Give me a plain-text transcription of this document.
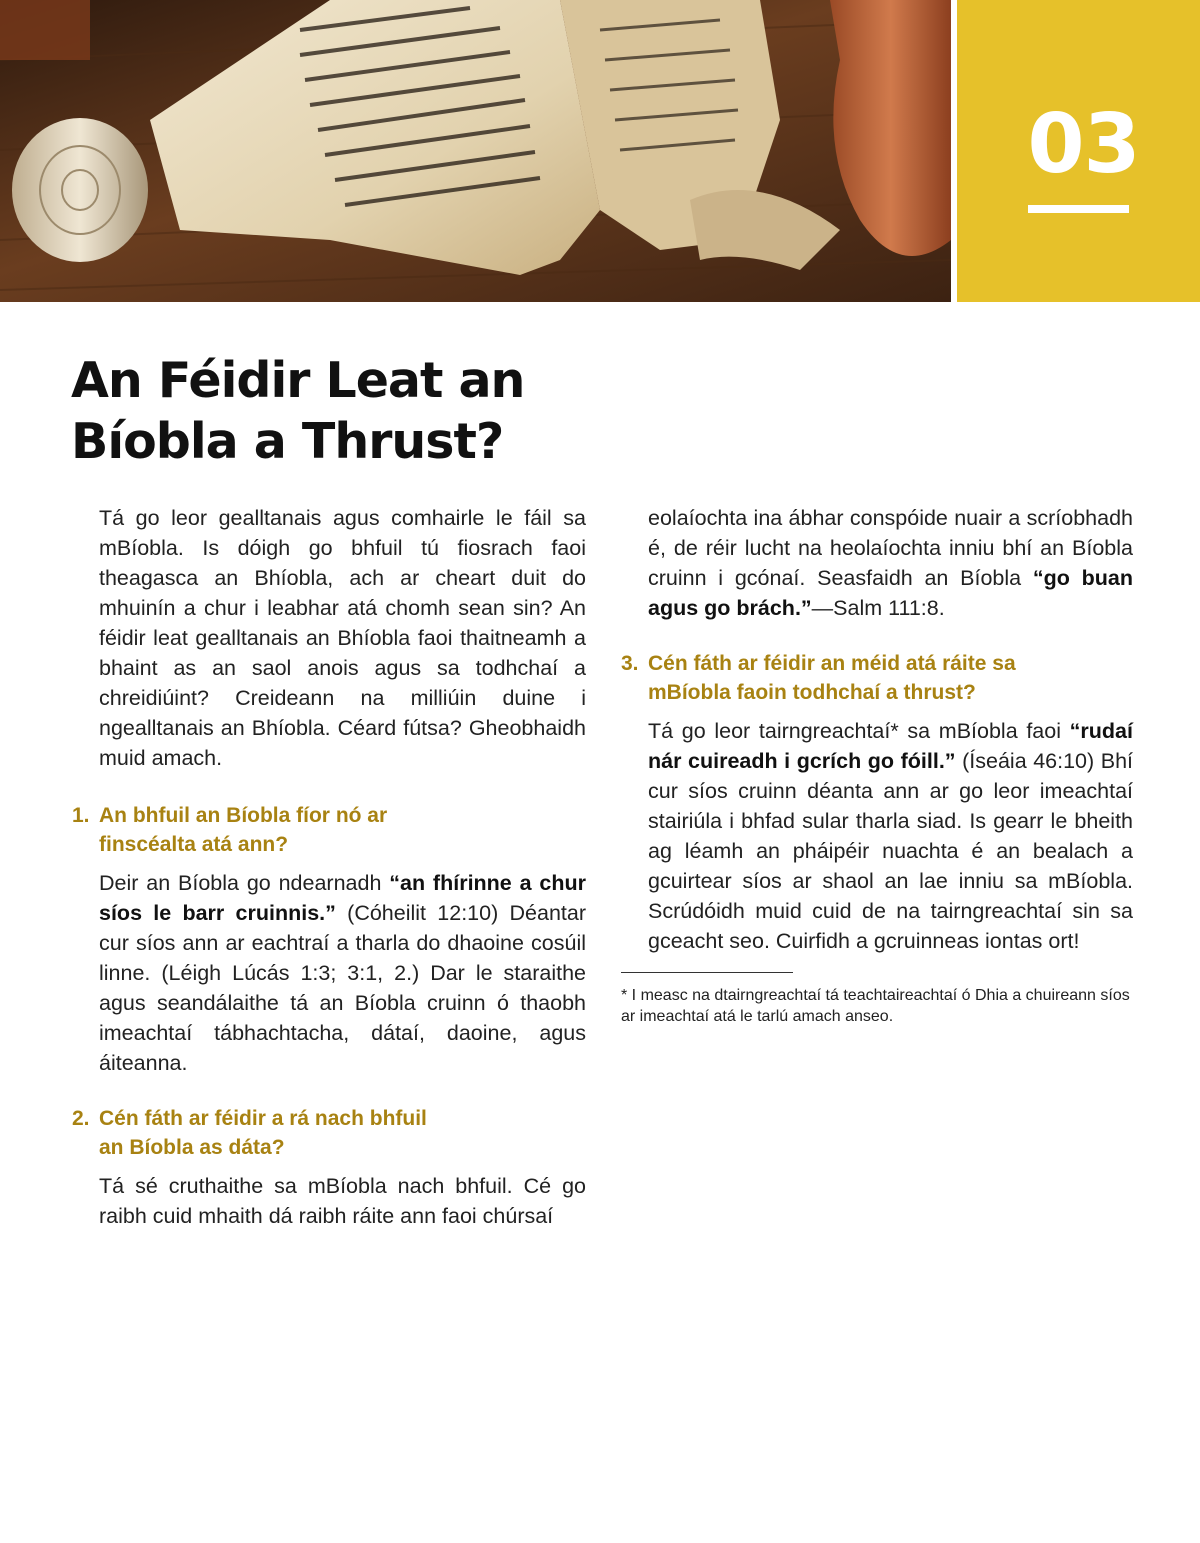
03
An Féidir Leat an
Bíobla a Thrust?

Tá go leor gealltanais agus comhairle le fáil sa mBíobla. Is dóigh go bhfuil tú fiosrach faoi theagasca an Bhíobla, ach ar cheart duit do mhuinín a chur i leabhar atá chomh sean sin? An féidir leat gealltanais an Bhíobla faoi thaitneamh a bhaint as an saol anois agus sa todhchaí a chreidiúint? Creideann na milliúin duine i ngealltanais an Bhíobla. Céard fútsa? Gheobhaidh muid amach.

1. An bhfuil an Bíobla fíor nó ar
finscéalta atá ann?

Deir an Bíobla go ndearnadh “an fhírinne a chur síos le barr cruinnis.” (Cóheilit 12:10) Déantar cur síos ann ar eachtraí a tharla do dhaoine cosúil linne. (Léigh Lúcás 1:3; 3:1, 2.) Dar le staraithe agus seandálaithe tá an Bíobla cruinn ó thaobh imeachtaí tábhachtacha, dátaí, daoine, agus áiteanna.

2. Cén fáth ar féidir a rá nach bhfuil
an Bíobla as dáta?

Tá sé cruthaithe sa mBíobla nach bhfuil. Cé go raibh cuid mhaith dá raibh ráite ann faoi chúrsaí

eolaíochta ina ábhar conspóide nuair a scríobhadh é, de réir lucht na heolaíochta inniu bhí an Bíobla cruinn i gcónaí. Seasfaidh an Bíobla “go buan agus go brách.”—Salm 111:8.

3. Cén fáth ar féidir an méid atá ráite sa
mBíobla faoin todhchaí a thrust?

Tá go leor tairngreachtaí* sa mBíobla faoi “rudaí nár cuireadh i gcrích go fóill.” (Íseáia 46:10) Bhí cur síos cruinn déanta ann ar go leor imeachtaí stairiúla i bhfad sular tharla siad. Is gearr le bheith ag léamh an pháipéir nuachta é an bealach a gcuirtear síos ar shaol an lae inniu sa mBíobla. Scrúdóidh muid cuid de na tairngreachtaí sin sa gceacht seo. Cuirfidh a gcruinneas iontas ort!

* I measc na dtairngreachtaí tá teachtaireachtaí ó Dhia a chuireann síos ar imeachtaí atá le tarlú amach anseo.
